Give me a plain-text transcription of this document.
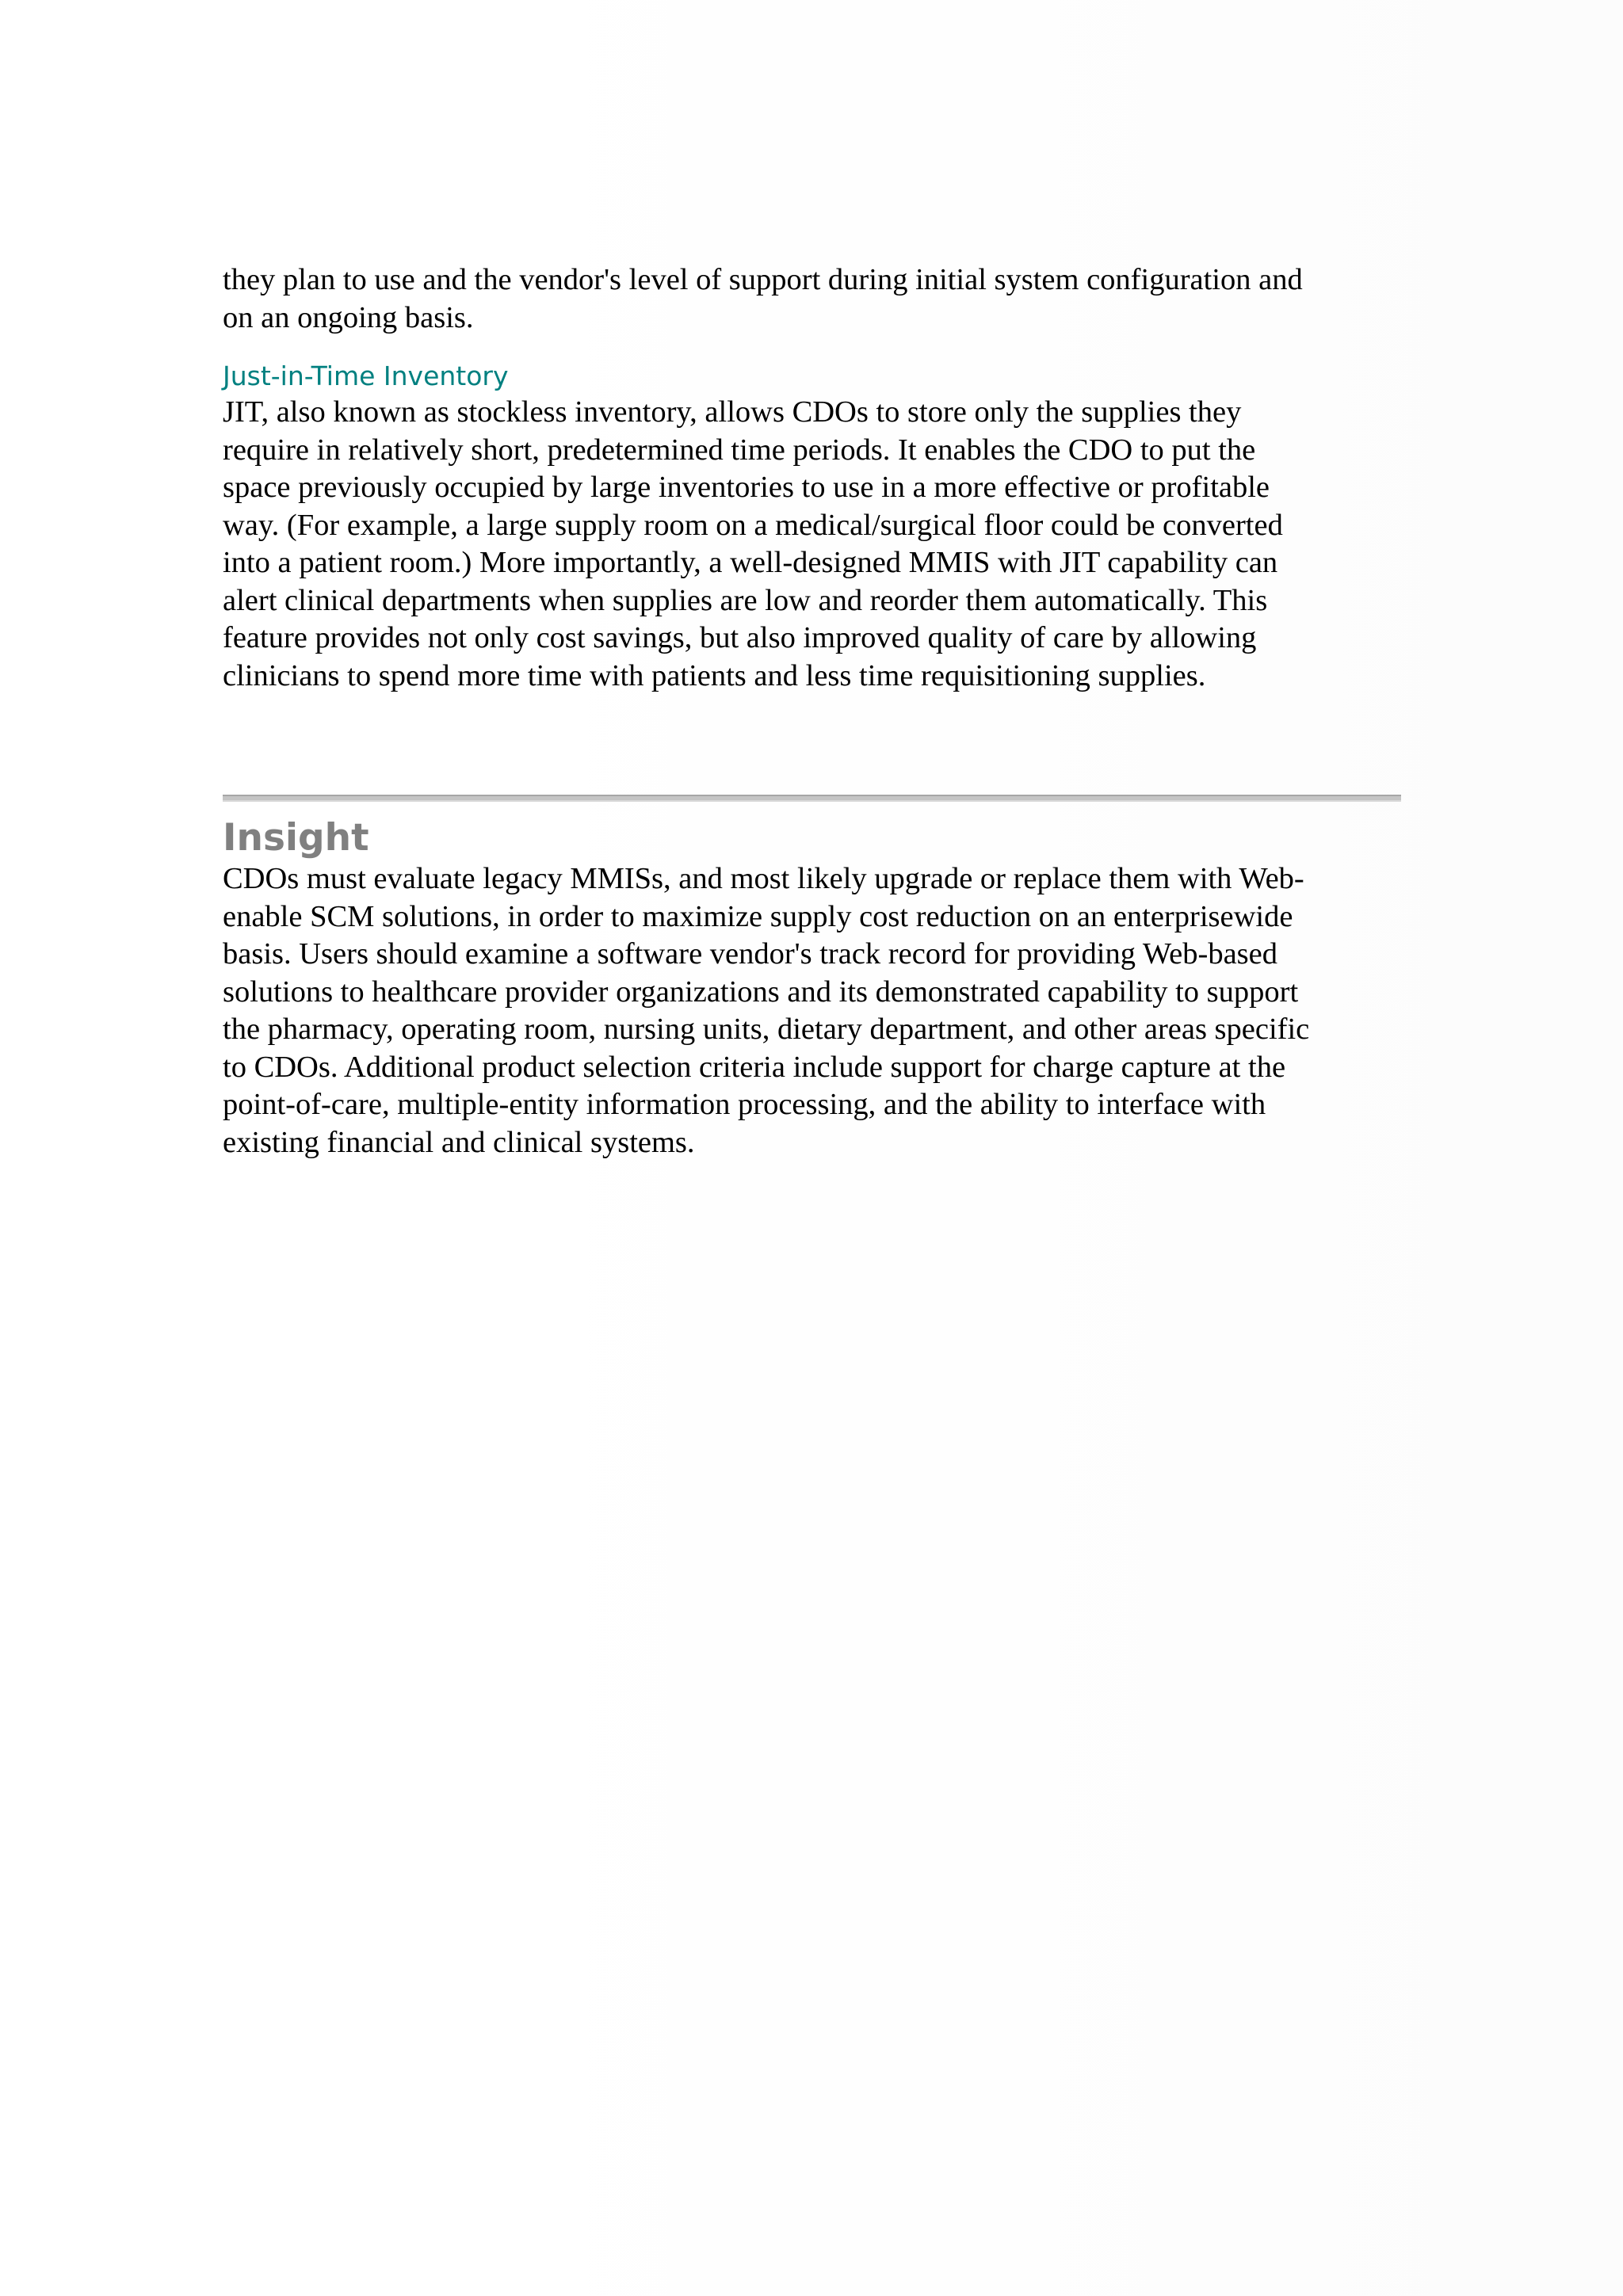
they plan to use and the vendor's level of support during initial system configuration and
on an ongoing basis.

Just-in-Time Inventory

JIT, also known as stockless inventory, allows CDOs to store only the supplies they
require in relatively short, predetermined time periods. It enables the CDO to put the
space previously occupied by large inventories to use in a more effective or profitable
way. (For example, a large supply room on a medical/surgical floor could be converted
into a patient room.) More importantly, a well-designed MMIS with JIT capability can
alert clinical departments when supplies are low and reorder them automatically. This
feature provides not only cost savings, but also improved quality of care by allowing
clinicians to spend more time with patients and less time requisitioning supplies.

Insight

CDOs must evaluate legacy MMISs, and most likely upgrade or replace them with Web-
enable SCM solutions, in order to maximize supply cost reduction on an enterprisewide
basis. Users should examine a software vendor's track record for providing Web-based
solutions to healthcare provider organizations and its demonstrated capability to support
the pharmacy, operating room, nursing units, dietary department, and other areas specific
to CDOs. Additional product selection criteria include support for charge capture at the
point-of-care, multiple-entity information processing, and the ability to interface with
existing financial and clinical systems.
